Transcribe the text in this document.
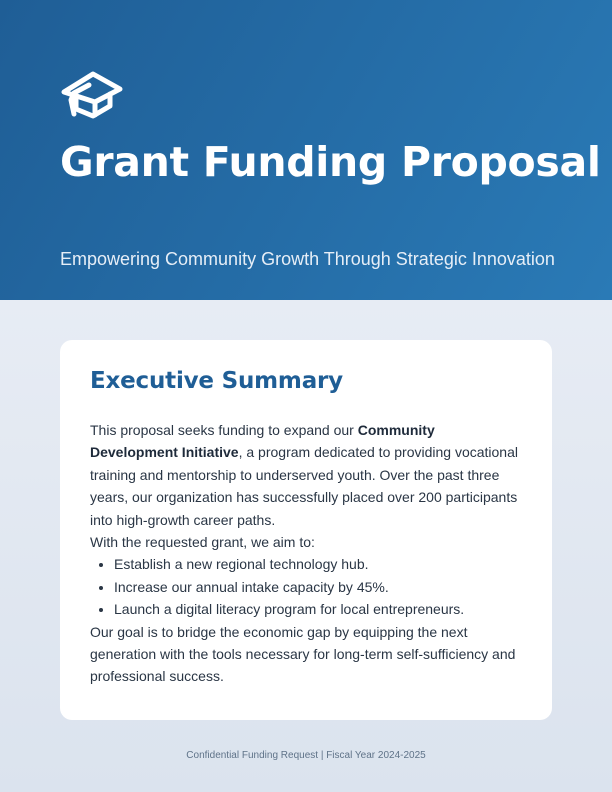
Grant Funding Proposal
Empowering Community Growth Through Strategic Innovation
Executive Summary

This proposal seeks funding to expand our Community Development Initiative, a program dedicated to providing vocational training and mentorship to underserved youth. Over the past three years, our organization has successfully placed over 200 participants into high-growth career paths.

With the requested grant, we aim to:

• Establish a new regional technology hub.
• Increase our annual intake capacity by 45%.
• Launch a digital literacy program for local entrepreneurs.

Our goal is to bridge the economic gap by equipping the next generation with the tools necessary for long-term self-sufficiency and professional success.

Confidential Funding Request | Fiscal Year 2024-2025
